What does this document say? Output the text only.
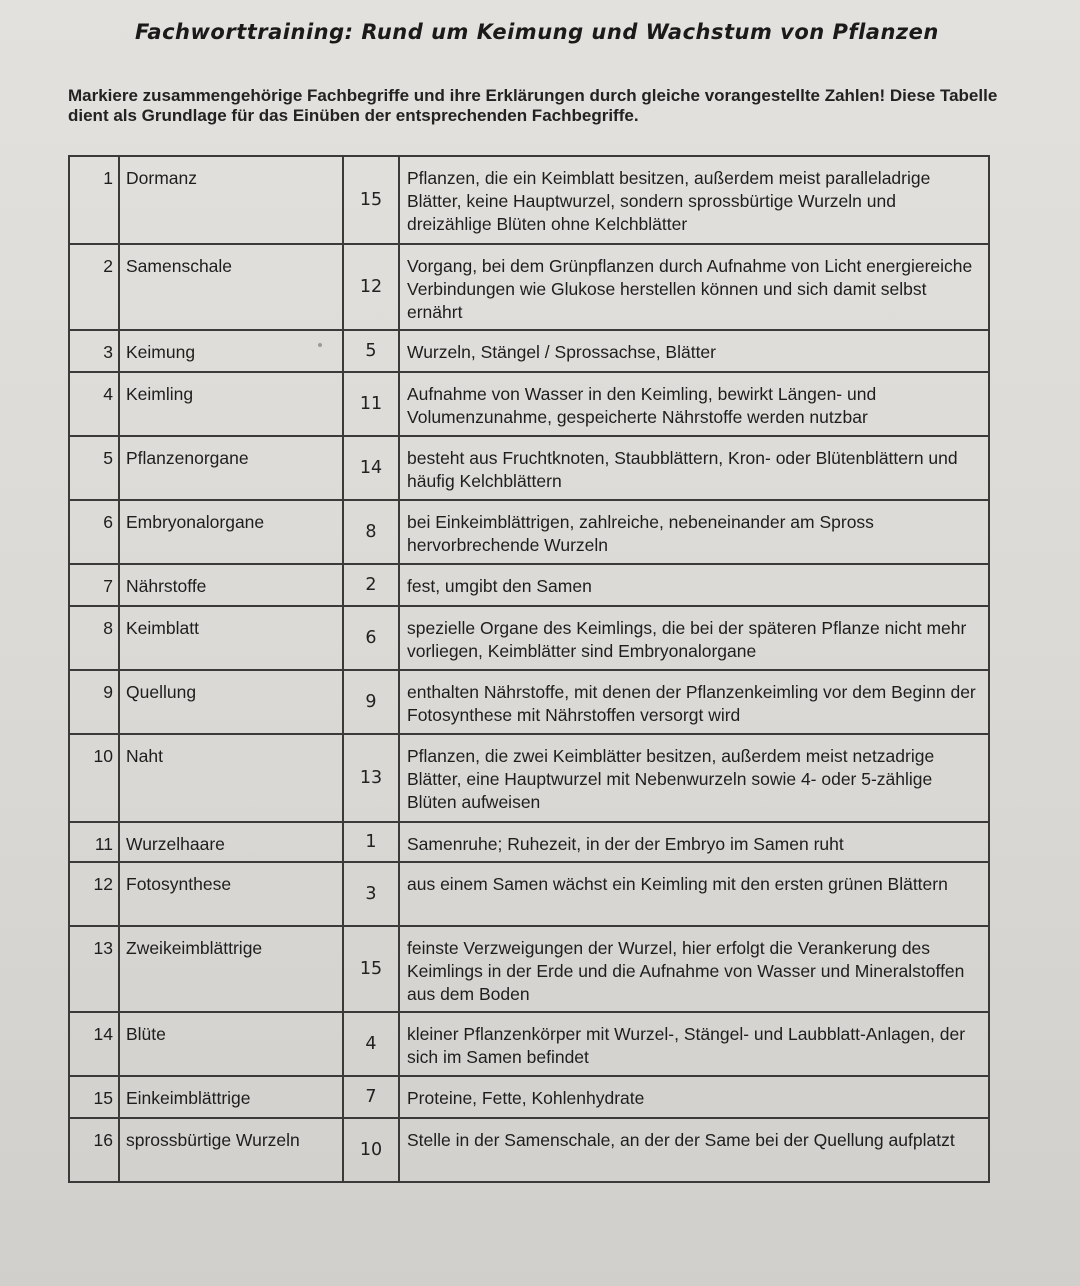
Fachworttraining: Rund um Keimung und Wachstum von Pflanzen
Markiere zusammengehörige Fachbegriffe und ihre Erklärungen durch gleiche vorangestellte Zahlen! Diese Tabelle dient als Grundlage für das Einüben der entsprechenden Fachbegriffe.
1	Dormanz	15	Pflanzen, die ein Keimblatt besitzen, außerdem meist paralleladrige Blätter, keine Hauptwurzel, sondern sprossbürtige Wurzeln und dreizählige Blüten ohne Kelchblätter
2	Samenschale	12	Vorgang, bei dem Grünpflanzen durch Aufnahme von Licht energiereiche Verbindungen wie Glukose herstellen können und sich damit selbst ernährt
3	Keimung	5	Wurzeln, Stängel / Sprossachse, Blätter
4	Keimling	11	Aufnahme von Wasser in den Keimling, bewirkt Längen- und Volumenzunahme, gespeicherte Nährstoffe werden nutzbar
5	Pflanzenorgane	14	besteht aus Fruchtknoten, Staubblättern, Kron- oder Blütenblättern und häufig Kelchblättern
6	Embryonalorgane	8	bei Einkeimblättrigen, zahlreiche, nebeneinander am Spross hervorbrechende Wurzeln
7	Nährstoffe	2	fest, umgibt den Samen
8	Keimblatt	6	spezielle Organe des Keimlings, die bei der späteren Pflanze nicht mehr vorliegen, Keimblätter sind Embryonalorgane
9	Quellung	9	enthalten Nährstoffe, mit denen der Pflanzenkeimling vor dem Beginn der Fotosynthese mit Nährstoffen versorgt wird
10	Naht	13	Pflanzen, die zwei Keimblätter besitzen, außerdem meist netzadrige Blätter, eine Hauptwurzel mit Nebenwurzeln sowie 4- oder 5-zählige Blüten aufweisen
11	Wurzelhaare	1	Samenruhe; Ruhezeit, in der der Embryo im Samen ruht
12	Fotosynthese	3	aus einem Samen wächst ein Keimling mit den ersten grünen Blättern
13	Zweikeimblättrige	15	feinste Verzweigungen der Wurzel, hier erfolgt die Verankerung des Keimlings in der Erde und die Aufnahme von Wasser und Mineralstoffen aus dem Boden
14	Blüte	4	kleiner Pflanzenkörper mit Wurzel-, Stängel- und Laubblatt-Anlagen, der sich im Samen befindet
15	Einkeimblättrige	7	Proteine, Fette, Kohlenhydrate
16	sprossbürtige Wurzeln	10	Stelle in der Samenschale, an der der Same bei der Quellung aufplatzt
